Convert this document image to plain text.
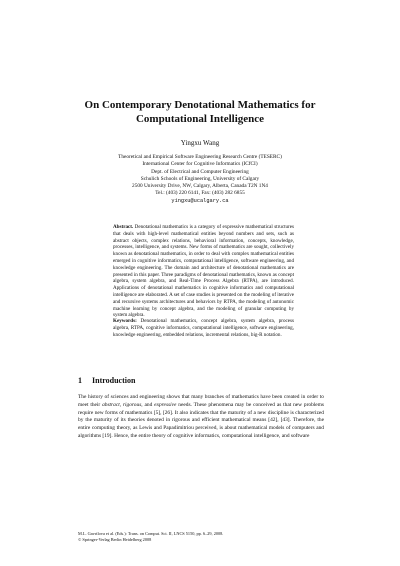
On Contemporary Denotational Mathematics for
Computational Intelligence
Yingxu Wang
Theoretical and Empirical Software Engineering Research Centre (TESERC)
International Center for Cognitive Informatics (ICfCI)
Dept. of Electrical and Computer Engineering
Schulich Schools of Engineering, University of Calgary
2500 University Drive, NW, Calgary, Alberta, Canada T2N 1N4
Tel.: (403) 220 6141, Fax: (403) 282 6855
yingxu@ucalgary.ca
Abstract. Denotational mathematics is a category of expressive mathematical structures that deals with high-level mathematical entities beyond numbers and sets, such as abstract objects, complex relations, behavioral information, concepts, knowledge, processes, intelligence, and systems. New forms of mathematics are sought, collectively known as denotational mathematics, in order to deal with complex mathematical entities emerged in cognitive informatics, computational intelligence, software engineering, and knowledge engineering. The domain and architecture of denotational mathematics are presented in this paper. Three paradigms of denotational mathematics, known as concept algebra, system algebra, and Real-Time Process Algebra (RTPA), are introduced. Applications of denotational mathematics in cognitive informatics and computational intelligence are elaborated. A set of case studies is presented on the modeling of iterative and recursive systems architectures and behaviors by RTPA, the modeling of autonomic machine learning by concept algebra, and the modeling of granular computing by system algebra.
Keywords: Denotational mathematics, concept algebra, system algebra, process algebra, RTPA, cognitive informatics, computational intelligence, software engineering, knowledge engineering, embedded relations, incremental relations, big-R notation.
1 Introduction
The history of sciences and engineering shows that many branches of mathematics have been created in order to meet their abstract, rigorous, and expressive needs. These phenomena may be conceived as that new problems require new forms of mathematics [5], [26]. It also indicates that the maturity of a new discipline is characterized by the maturity of its theories denoted in rigorous and efficient mathematical means [42], [43]. Therefore, the entire computing theory, as Lewis and Papadimitriou perceived, is about mathematical models of computers and algorithms [19]. Hence, the entire theory of cognitive informatics, computational intelligence, and software
M.L. Gavrilova et al. (Eds.): Trans. on Comput. Sci. II, LNCS 5150, pp. 6–29, 2008.
© Springer-Verlag Berlin Heidelberg 2008
